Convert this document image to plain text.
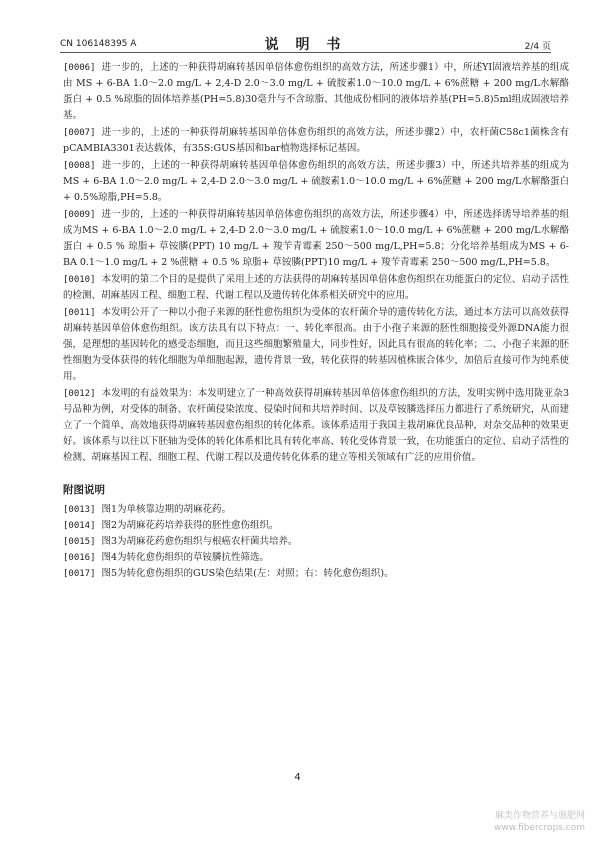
CN 106148395 A	说 明 书	2/4 页

[0006] 进一步的，上述的一种获得胡麻转基因单倍体愈伤组织的高效方法，所述步骤1）中，所述YI固液培养基的组成由 MS + 6-BA 1.0～2.0 mg/L + 2,4-D 2.0～3.0 mg/L + 硫胺素1.0～10.0 mg/L + 6%蔗糖 + 200 mg/L水解酪蛋白 + 0.5 %琼脂的固体培养基(PH=5.8)30毫升与不含琼脂、其他成份相同的液体培养基(PH=5.8)5ml组成固液培养基。

[0007] 进一步的，上述的一种获得胡麻转基因单倍体愈伤组织的高效方法，所述步骤2）中，农杆菌C58c1菌株含有pCAMBIA3301表达载体，有35S:GUS基因和bar植物选择标记基因。

[0008] 进一步的，上述的一种获得胡麻转基因单倍体愈伤组织的高效方法，所述步骤3）中，所述共培养基的组成为MS + 6-BA 1.0～2.0 mg/L + 2,4-D 2.0～3.0 mg/L + 硫胺素1.0～10.0 mg/L + 6%蔗糖 + 200 mg/L水解酪蛋白 + 0.5%琼脂,PH=5.8。

[0009] 进一步的，上述的一种获得胡麻转基因单倍体愈伤组织的高效方法，所述步骤4）中，所述选择诱导培养基的组成为MS + 6-BA 1.0～2.0 mg/L + 2,4-D 2.0～3.0 mg/L + 硫胺素1.0～10.0 mg/L + 6%蔗糖 + 200 mg/L水解酪蛋白 + 0.5 % 琼脂+ 草铵膦(PPT) 10 mg/L + 羧苄青霉素 250～500 mg/L,PH=5.8；分化培养基组成为MS + 6-BA 0.1～1.0 mg/L + 2 %蔗糖 + 0.5 % 琼脂+ 草铵膦(PPT)10 mg/L + 羧苄青霉素 250～500 mg/L,PH=5.8。

[0010] 本发明的第二个目的是提供了采用上述的方法获得的胡麻转基因单倍体愈伤组织在功能蛋白的定位、启动子活性的检测、胡麻基因工程、细胞工程、代谢工程以及遗传转化体系相关研究中的应用。

[0011] 本发明公开了一种以小孢子来源的胚性愈伤组织为受体的农杆菌介导的遗传转化方法，通过本方法可以高效获得胡麻转基因单倍体愈伤组织。该方法具有以下特点：一、转化率很高。由于小孢子来源的胚性细胞接受外源DNA能力很强，是理想的基因转化的感受态细胞，而且这些细胞繁殖量大，同步性好，因此具有很高的转化率；二、小孢子来源的胚性细胞为受体获得的转化细胞为单细胞起源，遗传背景一致，转化获得的转基因植株嵌合体少，加倍后直接可作为纯系使用。

[0012] 本发明的有益效果为：本发明建立了一种高效获得胡麻转基因单倍体愈伤组织的方法，发明实例中选用陇亚杂3号品种为例，对受体的制备、农杆菌侵染浓度、侵染时间和共培养时间、以及草铵膦选择压力都进行了系统研究，从而建立了一个简单、高效地获得胡麻转基因愈伤组织的转化体系。该体系适用于我国主栽胡麻优良品种，对杂交品种的效果更好。该体系与以往以下胚轴为受体的转化体系相比具有转化率高、转化受体背景一致，在功能蛋白的定位、启动子活性的检测、胡麻基因工程、细胞工程、代谢工程以及遗传转化体系的建立等相关领域有广泛的应用价值。

附图说明

[0013] 图1为单核靠边期的胡麻花药。

[0014] 图2为胡麻花药培养获得的胚性愈伤组织。

[0015] 图3为胡麻花药愈伤组织与根癌农杆菌共培养。

[0016] 图4为转化愈伤组织的草铵膦抗性筛选。

[0017] 图5为转化愈伤组织的GUS染色结果(左：对照；右：转化愈伤组织)。

4
麻类作物营养与施肥网
www.fibercrops.com
